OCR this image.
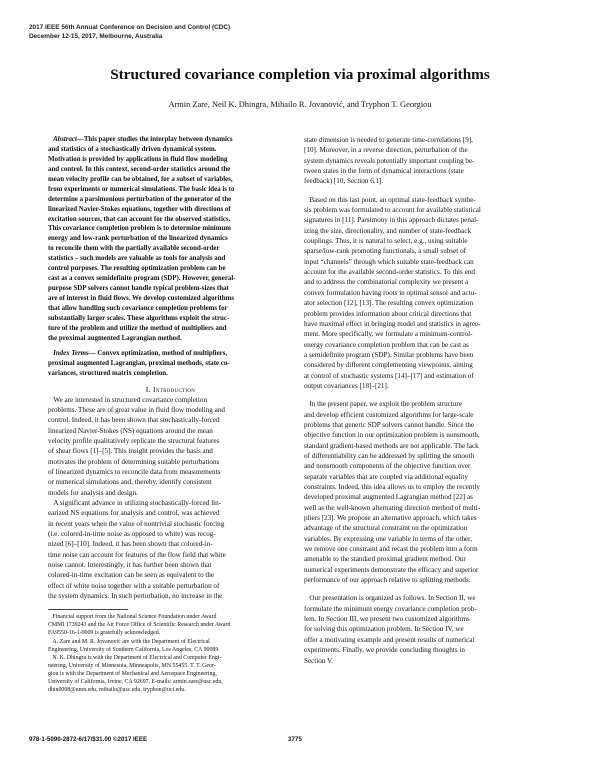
2017 IEEE 56th Annual Conference on Decision and Control (CDC)
December 12-15, 2017, Melbourne, Australia
Structured covariance completion via proximal algorithms
Armin Zare, Neil K. Dhingra, Mihailo R. Jovanović, and Tryphon T. Georgiou
Abstract—This paper studies the interplay between dynamics
and statistics of a stochastically driven dynamical system.
Motivation is provided by applications in fluid flow modeling
and control. In this context, second-order statistics around the
mean velocity profile can be obtained, for a subset of variables,
from experiments or numerical simulations. The basic idea is to
determine a parsimonious perturbation of the generator of the
linearized Navier-Stokes equations, together with directions of
excitation sources, that can account for the observed statistics.
This covariance completion problem is to determine minimum
energy and low-rank perturbation of the linearized dynamics
to reconcile them with the partially available second-order
statistics – such models are valuable as tools for analysis and
control purposes. The resulting optimization problem can be
cast as a convex semidefinite program (SDP). However, general-
purpose SDP solvers cannot handle typical problem-sizes that
are of interest in fluid flows. We develop customized algorithms
that allow handling such covariance completion problems for
substantially larger scales. These algorithms exploit the struc-
ture of the problem and utilize the method of multipliers and
the proximal augmented Lagrangian method.
Index Terms— Convex optimization, method of multipliers,
proximal augmented Lagrangian, proximal methods, state co-
variances, structured matrix completion.
I. Introduction
We are interested in structured covariance completion
problems. These are of great value in fluid flow modeling and
control. Indeed, it has been shown that stochastically-forced
linearized Navier-Stokes (NS) equations around the mean
velocity profile qualitatively replicate the structural features
of shear flows [1]–[5]. This insight provides the basis and
motivates the problem of determining suitable perturbations
of linearized dynamics to reconcile data from measurements
or numerical simulations and, thereby, identify consistent
models for analysis and design.
A significant advance in utilizing stochastically-forced lin-
earized NS equations for analysis and control, was achieved
in recent years when the value of nontrivial stochastic forcing
(i.e. colored-in-time noise as opposed to white) was recog-
nized [6]–[10]. Indeed, it has been shown that colored-in-
time noise can account for features of the flow field that white
noise cannot. Interestingly, it has further been shown that
colored-in-time excitation can be seen as equivalent to the
effect of white noise together with a suitable perturbation of
the system dynamics. In such perturbation, no increase in the
Financial support from the National Science Foundation under Award
CMMI 1739243 and the Air Force Office of Scientific Research under Award
FA9550-16-1-0009 is gratefully acknowledged.
A. Zare and M. R. Jovanović are with the Department of Electrical
Engineering, University of Southern California, Los Angeles, CA 90089.
N. K. Dhingra is with the Department of Electrical and Computer Engi-
neering, University of Minnesota, Minneapolis, MN 55455. T. T. Geor-
giou is with the Department of Mechanical and Aerospace Engineering,
University of California, Irvine, CA 92697. E-mails: armin.zare@usc.edu,
dhin0008@umn.edu, mihailo@usc.edu, tryphon@uci.edu.
state dimension is needed to generate time-correlations [9],
[10]. Moreover, in a reverse direction, perturbation of the
system dynamics reveals potentially important coupling be-
tween states in the form of dynamical interactions (state
feedback) [10, Section 6.1].
Based on this last point, an optimal state-feedback synthe-
sis problem was formulated to account for available statistical
signatures in [11]. Parsimony in this approach dictates penal-
izing the size, directionality, and number of state-feedback
couplings. Thus, it is natural to select, e.g., using suitable
sparse/low-rank promoting functionals, a small subset of
input “channels” through which suitable state-feedback can
account for the available second-order statistics. To this end
and to address the combinatorial complexity we present a
convex formulation having roots in optimal sensor and actu-
ator selection [12], [13]. The resulting convex optimization
problem provides information about critical directions that
have maximal effect in bringing model and statistics in agree-
ment. More specifically, we formulate a minimum-control-
energy covariance completion problem that can be cast as
a semidefinite program (SDP). Similar problems have been
considered by different complementing viewpoints, aiming
at control of stochastic systems [14]–[17] and estimation of
output covariances [18]–[21].
In the present paper, we exploit the problem structure
and develop efficient customized algorithms for large-scale
problems that generic SDP solvers cannot handle. Since the
objective function in our optimization problem is nonsmooth,
standard gradient-based methods are not applicable. The lack
of differentiability can be addressed by splitting the smooth
and nonsmooth components of the objective function over
separate variables that are coupled via additional equality
constraints. Indeed, this idea allows us to employ the recently
developed proximal augmented Lagrangian method [22] as
well as the well-known alternating direction method of multi-
pliers [23]. We propose an alternative approach, which takes
advantage of the structural constraint on the optimization
variables. By expressing one variable in terms of the other,
we remove one constraint and recast the problem into a form
amenable to the standard proximal gradient method. Our
numerical experiments demonstrate the efficacy and superior
performance of our approach relative to splitting methods.
Our presentation is organized as follows. In Section II, we
formulate the minimum energy covariance completion prob-
lem. In Section III, we present two customized algorithms
for solving this optimization problem. In Section IV, we
offer a motivating example and present results of numerical
experiments. Finally, we provide concluding thoughts in
Section V.
978-1-5090-2872-6/17/$31.00 ©2017 IEEE	3775
